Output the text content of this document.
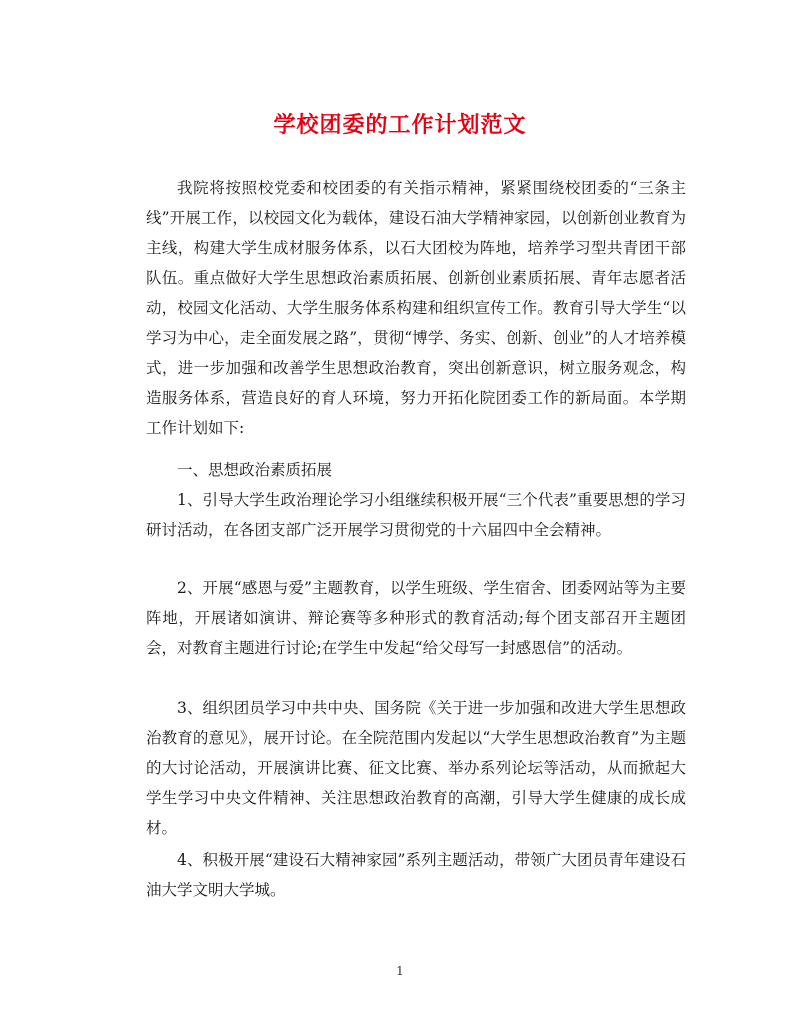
学校团委的工作计划范文
我院将按照校党委和校团委的有关指示精神，紧紧围绕校团委的“三条主线”开展工作，以校园文化为载体，建设石油大学精神家园，以创新创业教育为主线，构建大学生成材服务体系，以石大团校为阵地，培养学习型共青团干部队伍。重点做好大学生思想政治素质拓展、创新创业素质拓展、青年志愿者活动，校园文化活动、大学生服务体系构建和组织宣传工作。教育引导大学生“以学习为中心，走全面发展之路”，贯彻“博学、务实、创新、创业”的人才培养模式，进一步加强和改善学生思想政治教育，突出创新意识，树立服务观念，构造服务体系，营造良好的育人环境，努力开拓化院团委工作的新局面。本学期工作计划如下:
一、思想政治素质拓展
1、引导大学生政治理论学习小组继续积极开展“三个代表”重要思想的学习研讨活动，在各团支部广泛开展学习贯彻党的十六届四中全会精神。
2、开展“感恩与爱”主题教育，以学生班级、学生宿舍、团委网站等为主要阵地，开展诸如演讲、辩论赛等多种形式的教育活动;每个团支部召开主题团会，对教育主题进行讨论;在学生中发起“给父母写一封感恩信”的活动。
3、组织团员学习中共中央、国务院《关于进一步加强和改进大学生思想政治教育的意见》，展开讨论。在全院范围内发起以“大学生思想政治教育”为主题的大讨论活动，开展演讲比赛、征文比赛、举办系列论坛等活动，从而掀起大学生学习中央文件精神、关注思想政治教育的高潮，引导大学生健康的成长成材。
4、积极开展“建设石大精神家园”系列主题活动，带领广大团员青年建设石油大学文明大学城。
1
